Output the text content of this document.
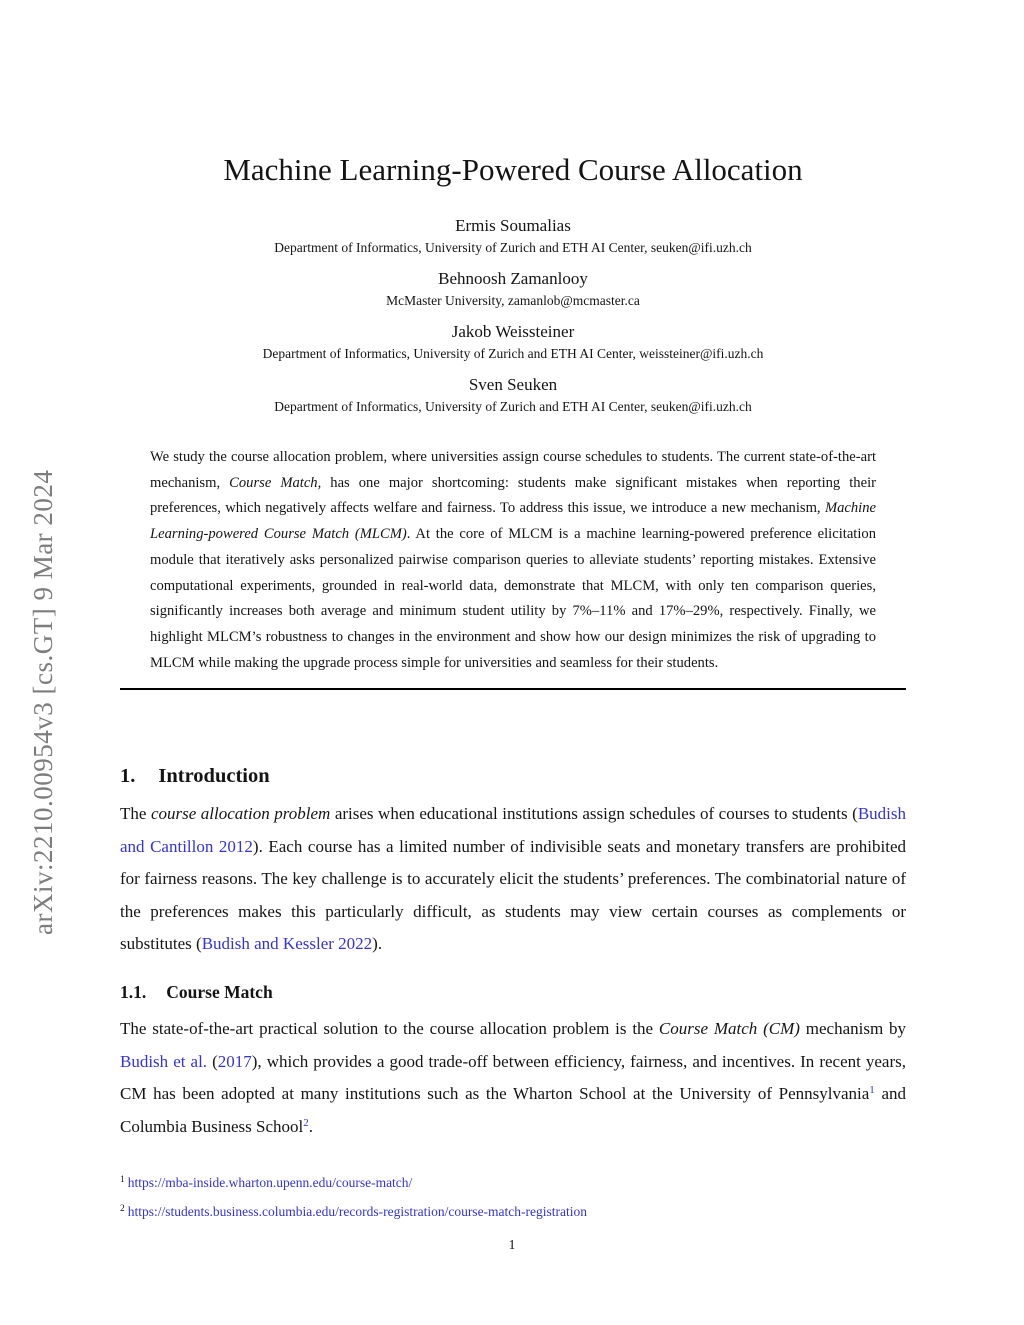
arXiv:2210.00954v3 [cs.GT] 9 Mar 2024
Machine Learning-Powered Course Allocation
Ermis Soumalias
Department of Informatics, University of Zurich and ETH AI Center, seuken@ifi.uzh.ch
Behnoosh Zamanlooy
McMaster University, zamanlob@mcmaster.ca
Jakob Weissteiner
Department of Informatics, University of Zurich and ETH AI Center, weissteiner@ifi.uzh.ch
Sven Seuken
Department of Informatics, University of Zurich and ETH AI Center, seuken@ifi.uzh.ch

We study the course allocation problem, where universities assign course schedules to students. The current state-of-the-art mechanism, Course Match, has one major shortcoming: students make significant mistakes when reporting their preferences, which negatively affects welfare and fairness. To address this issue, we introduce a new mechanism, Machine Learning-powered Course Match (MLCM). At the core of MLCM is a machine learning-powered preference elicitation module that iteratively asks personalized pairwise comparison queries to alleviate students’ reporting mistakes. Extensive computational experiments, grounded in real-world data, demonstrate that MLCM, with only ten comparison queries, significantly increases both average and minimum student utility by 7%–11% and 17%–29%, respectively. Finally, we highlight MLCM’s robustness to changes in the environment and show how our design minimizes the risk of upgrading to MLCM while making the upgrade process simple for universities and seamless for their students.

1. Introduction

The course allocation problem arises when educational institutions assign schedules of courses to students (Budish and Cantillon 2012). Each course has a limited number of indivisible seats and monetary transfers are prohibited for fairness reasons. The key challenge is to accurately elicit the students’ preferences. The combinatorial nature of the preferences makes this particularly difficult, as students may view certain courses as complements or substitutes (Budish and Kessler 2022).

1.1. Course Match

The state-of-the-art practical solution to the course allocation problem is the Course Match (CM) mechanism by Budish et al. (2017), which provides a good trade-off between efficiency, fairness, and incentives. In recent years, CM has been adopted at many institutions such as the Wharton School at the University of Pennsylvania$^1$ and Columbia Business School$^2$.

$^1$ https://mba-inside.wharton.upenn.edu/course-match/
$^2$ https://students.business.columbia.edu/records-registration/course-match-registration
1
